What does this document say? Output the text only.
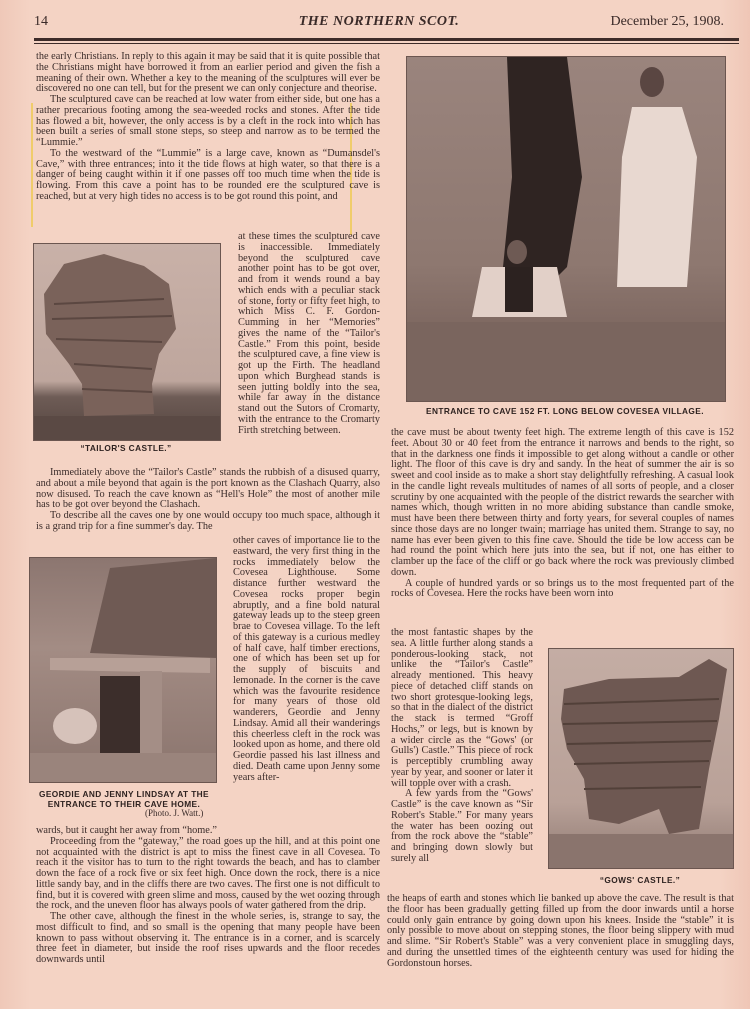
14	THE NORTHERN SCOT.	December 25, 1908.

the early Christians. In reply to this again it may be said that it is quite possible that the Christians might have borrowed it from an earlier period and given the fish a meaning of their own. Whether a key to the meaning of the sculptures will ever be discovered no one can tell, but for the present we can only conjecture and theorise.

The sculptured cave can be reached at low water from either side, but one has a rather precarious footing among the sea-weeded rocks and stones. After the tide has flowed a bit, however, the only access is by a cleft in the rock into which has been built a series of small stone steps, so steep and narrow as to be termed the “Lummie.”

To the westward of the “Lummie” is a large cave, known as “Dumansdel's Cave,” with three entrances; into it the tide flows at high water, so that there is a danger of being caught within it if one passes off too much time when the tide is flowing. From this cave a point has to be rounded ere the sculptured cave is reached, but at very high tides no access is to be got round this point, and

“TAILOR'S CASTLE.”

at these times the sculptured cave is inaccessible. Immediately beyond the sculptured cave another point has to be got over, and from it wends round a bay which ends with a peculiar stack of stone, forty or fifty feet high, to which Miss C. F. Gordon-Cumming in her “Memories” gives the name of the “Tailor's Castle.” From this point, beside the sculptured cave, a fine view is got up the Firth. The headland upon which Burghead stands is seen jutting boldly into the sea, while far away in the distance stand out the Sutors of Cromarty, with the entrance to the Cromarty Firth stretching between.

Immediately above the “Tailor's Castle” stands the rubbish of a disused quarry, and about a mile beyond that again is the port known as the Clashach Quarry, also now disused. To reach the cave known as “Hell's Hole” the most of another mile has to be got over beyond the Clashach.

To describe all the caves one by one would occupy too much space, although it is a grand trip for a fine summer's day. The

GEORDIE AND JENNY LINDSAY AT THE
ENTRANCE TO THEIR CAVE HOME.
(Photo. J. Watt.)

other caves of importance lie to the eastward, the very first thing in the rocks immediately below the Covesea Lighthouse. Some distance further westward the Covesea rocks proper begin abruptly, and a fine bold natural gateway leads up to the steep green brae to Covesea village. To the left of this gateway is a curious medley of half cave, half timber erections, one of which has been set up for the supply of biscuits and lemonade. In the corner is the cave which was the favourite residence for many years of those old wanderers, Geordie and Jenny Lindsay. Amid all their wanderings this cheerless cleft in the rock was looked upon as home, and there old Geordie passed his last illness and died. Death came upon Jenny some years after-

wards, but it caught her away from “home.”

Proceeding from the “gateway,” the road goes up the hill, and at this point one not acquainted with the district is apt to miss the finest cave in all Covesea. To reach it the visitor has to turn to the right towards the beach, and has to clamber down the face of a rock five or six feet high. Once down the rock, there is a nice little sandy bay, and in the cliffs there are two caves. The first one is not difficult to find, but it is covered with green slime and moss, caused by the wet oozing through the rock, and the uneven floor has always pools of water gathered from the drip.

The other cave, although the finest in the whole series, is, strange to say, the most difficult to find, and so small is the opening that many people have been known to pass without observing it. The entrance is in a corner, and is scarcely three feet in diameter, but inside the roof rises upwards and the floor recedes downwards until

ENTRANCE TO CAVE 152 FT. LONG BELOW COVESEA VILLAGE.

the cave must be about twenty feet high. The extreme length of this cave is 152 feet. About 30 or 40 feet from the entrance it narrows and bends to the right, so that in the darkness one finds it impossible to get along without a candle or other light. The floor of this cave is dry and sandy. In the heat of summer the air is so sweet and cool inside as to make a short stay delightfully refreshing. A casual look in the candle light reveals multitudes of names of all sorts of people, and a closer scrutiny by one acquainted with the people of the district rewards the searcher with names which, though written in no more abiding substance than candle smoke, must have been there between thirty and forty years, for several couples of names since those days are no longer twain; marriage has united them. Strange to say, no name has ever been given to this fine cave. Should the tide be low access can be had round the point which here juts into the sea, but if not, one has either to clamber up the face of the cliff or go back where the rock was previously climbed down.

A couple of hundred yards or so brings us to the most frequented part of the rocks of Covesea. Here the rocks have been worn into

the most fantastic shapes by the sea. A little further along stands a ponderous-looking stack, not unlike the “Tailor's Castle” already mentioned. This heavy piece of detached cliff stands on two short grotesque-looking legs, so that in the dialect of the district the stack is termed “Groff Hochs,” or legs, but is known by a wider circle as the “Gows' (or Gulls') Castle.” This piece of rock is perceptibly crumbling away year by year, and sooner or later it will topple over with a crash.

A few yards from the “Gows' Castle” is the cave known as “Sir Robert's Stable.” For many years the water has been oozing out from the rock above the “stable” and bringing down slowly but surely all

“GOWS' CASTLE.”

the heaps of earth and stones which lie banked up above the cave. The result is that the floor has been gradually getting filled up from the door inwards until a horse could only gain entrance by going down upon his knees. Inside the “stable” it is only possible to move about on stepping stones, the floor being slippery with mud and slime. “Sir Robert's Stable” was a very convenient place in smuggling days, and during the unsettled times of the eighteenth century was used for hiding the Gordonstoun horses.
